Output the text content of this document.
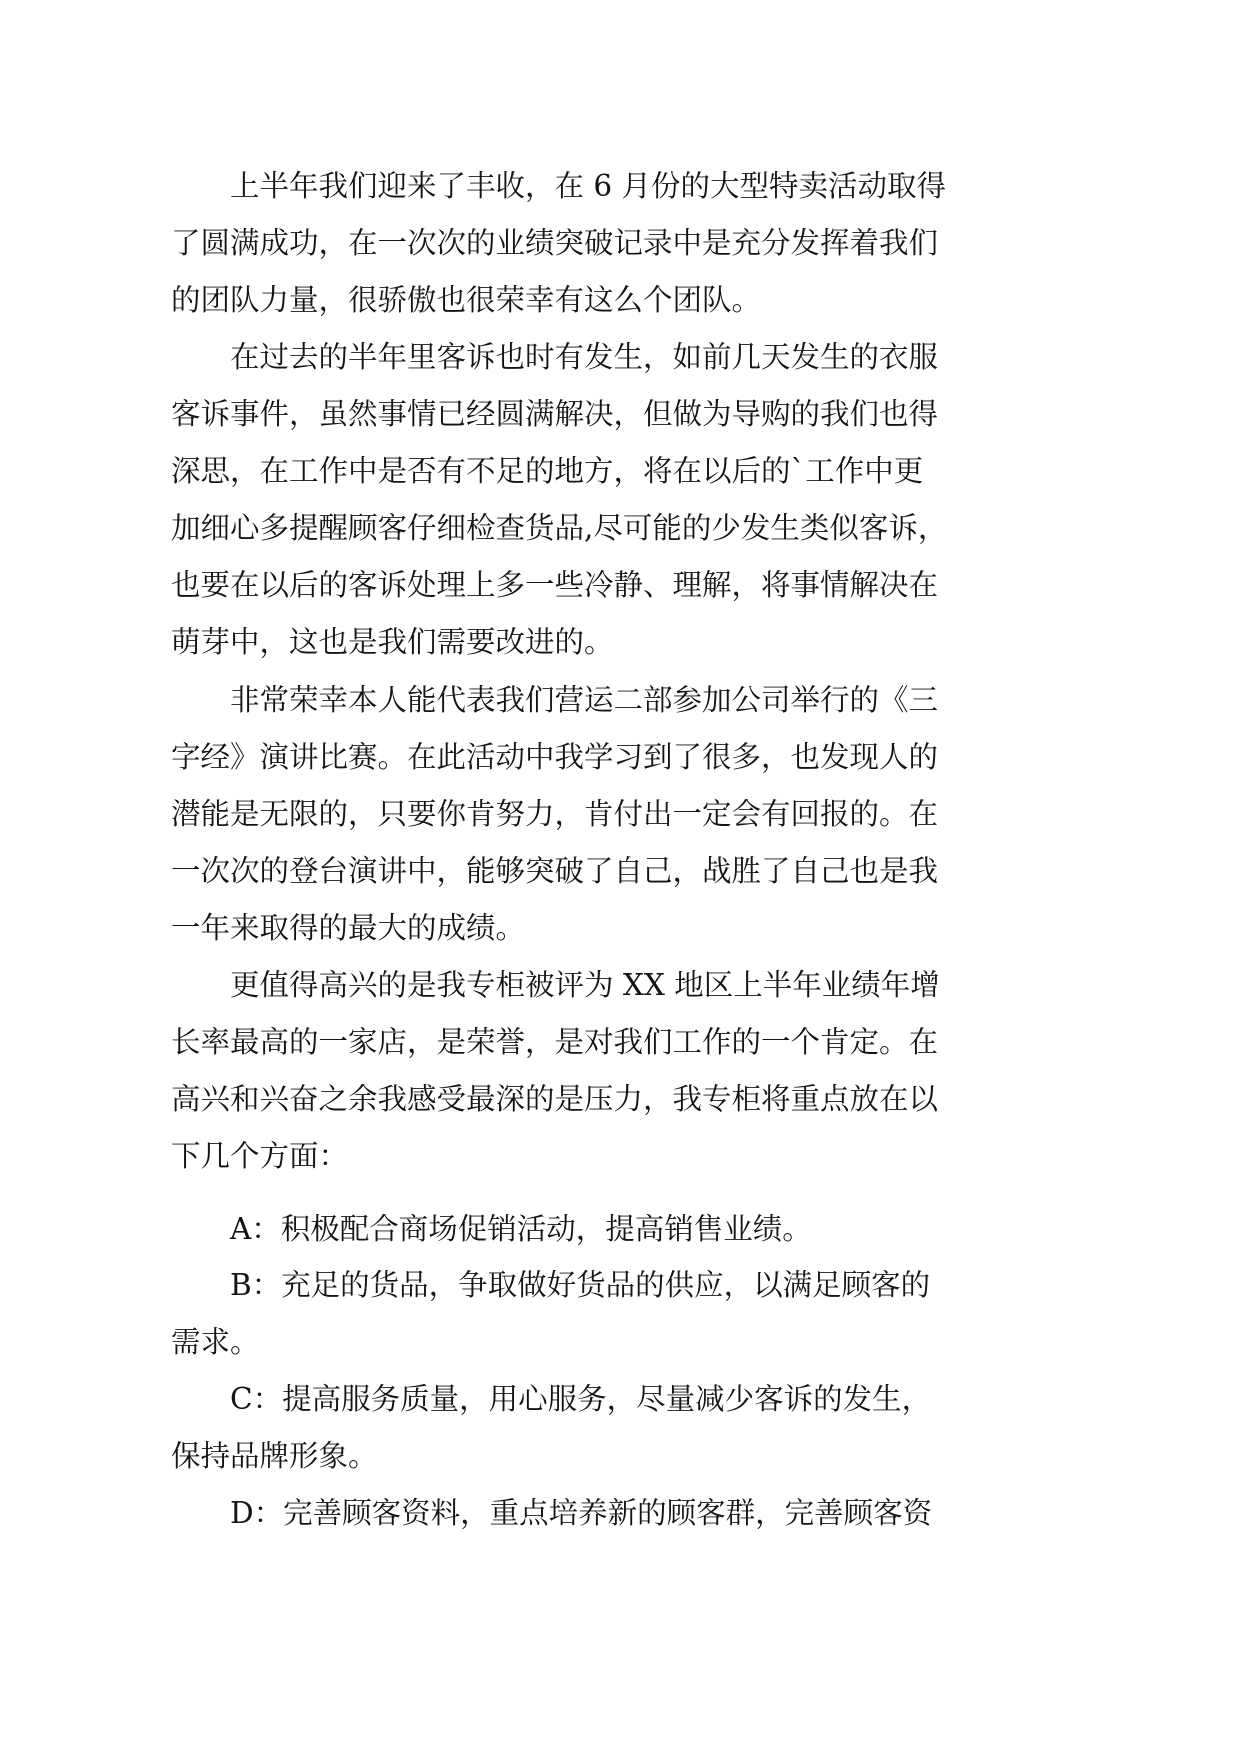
上半年我们迎来了丰收，在 6 月份的大型特卖活动取得

了圆满成功，在一次次的业绩突破记录中是充分发挥着我们

的团队力量，很骄傲也很荣幸有这么个团队。

在过去的半年里客诉也时有发生，如前几天发生的衣服

客诉事件，虽然事情已经圆满解决，但做为导购的我们也得

深思，在工作中是否有不足的地方，将在以后的`工作中更

加细心多提醒顾客仔细检查货品,尽可能的少发生类似客诉，

也要在以后的客诉处理上多一些冷静、理解，将事情解决在

萌芽中，这也是我们需要改进的。

非常荣幸本人能代表我们营运二部参加公司举行的《三

字经》演讲比赛。在此活动中我学习到了很多，也发现人的

潜能是无限的，只要你肯努力，肯付出一定会有回报的。在

一次次的登台演讲中，能够突破了自己，战胜了自己也是我

一年来取得的最大的成绩。

更值得高兴的是我专柜被评为 XX 地区上半年业绩年增

长率最高的一家店，是荣誉，是对我们工作的一个肯定。在

高兴和兴奋之余我感受最深的是压力，我专柜将重点放在以

下几个方面：

A：积极配合商场促销活动，提高销售业绩。

B：充足的货品，争取做好货品的供应，以满足顾客的

需求。

C：提高服务质量，用心服务，尽量减少客诉的发生，

保持品牌形象。

D：完善顾客资料，重点培养新的顾客群，完善顾客资
